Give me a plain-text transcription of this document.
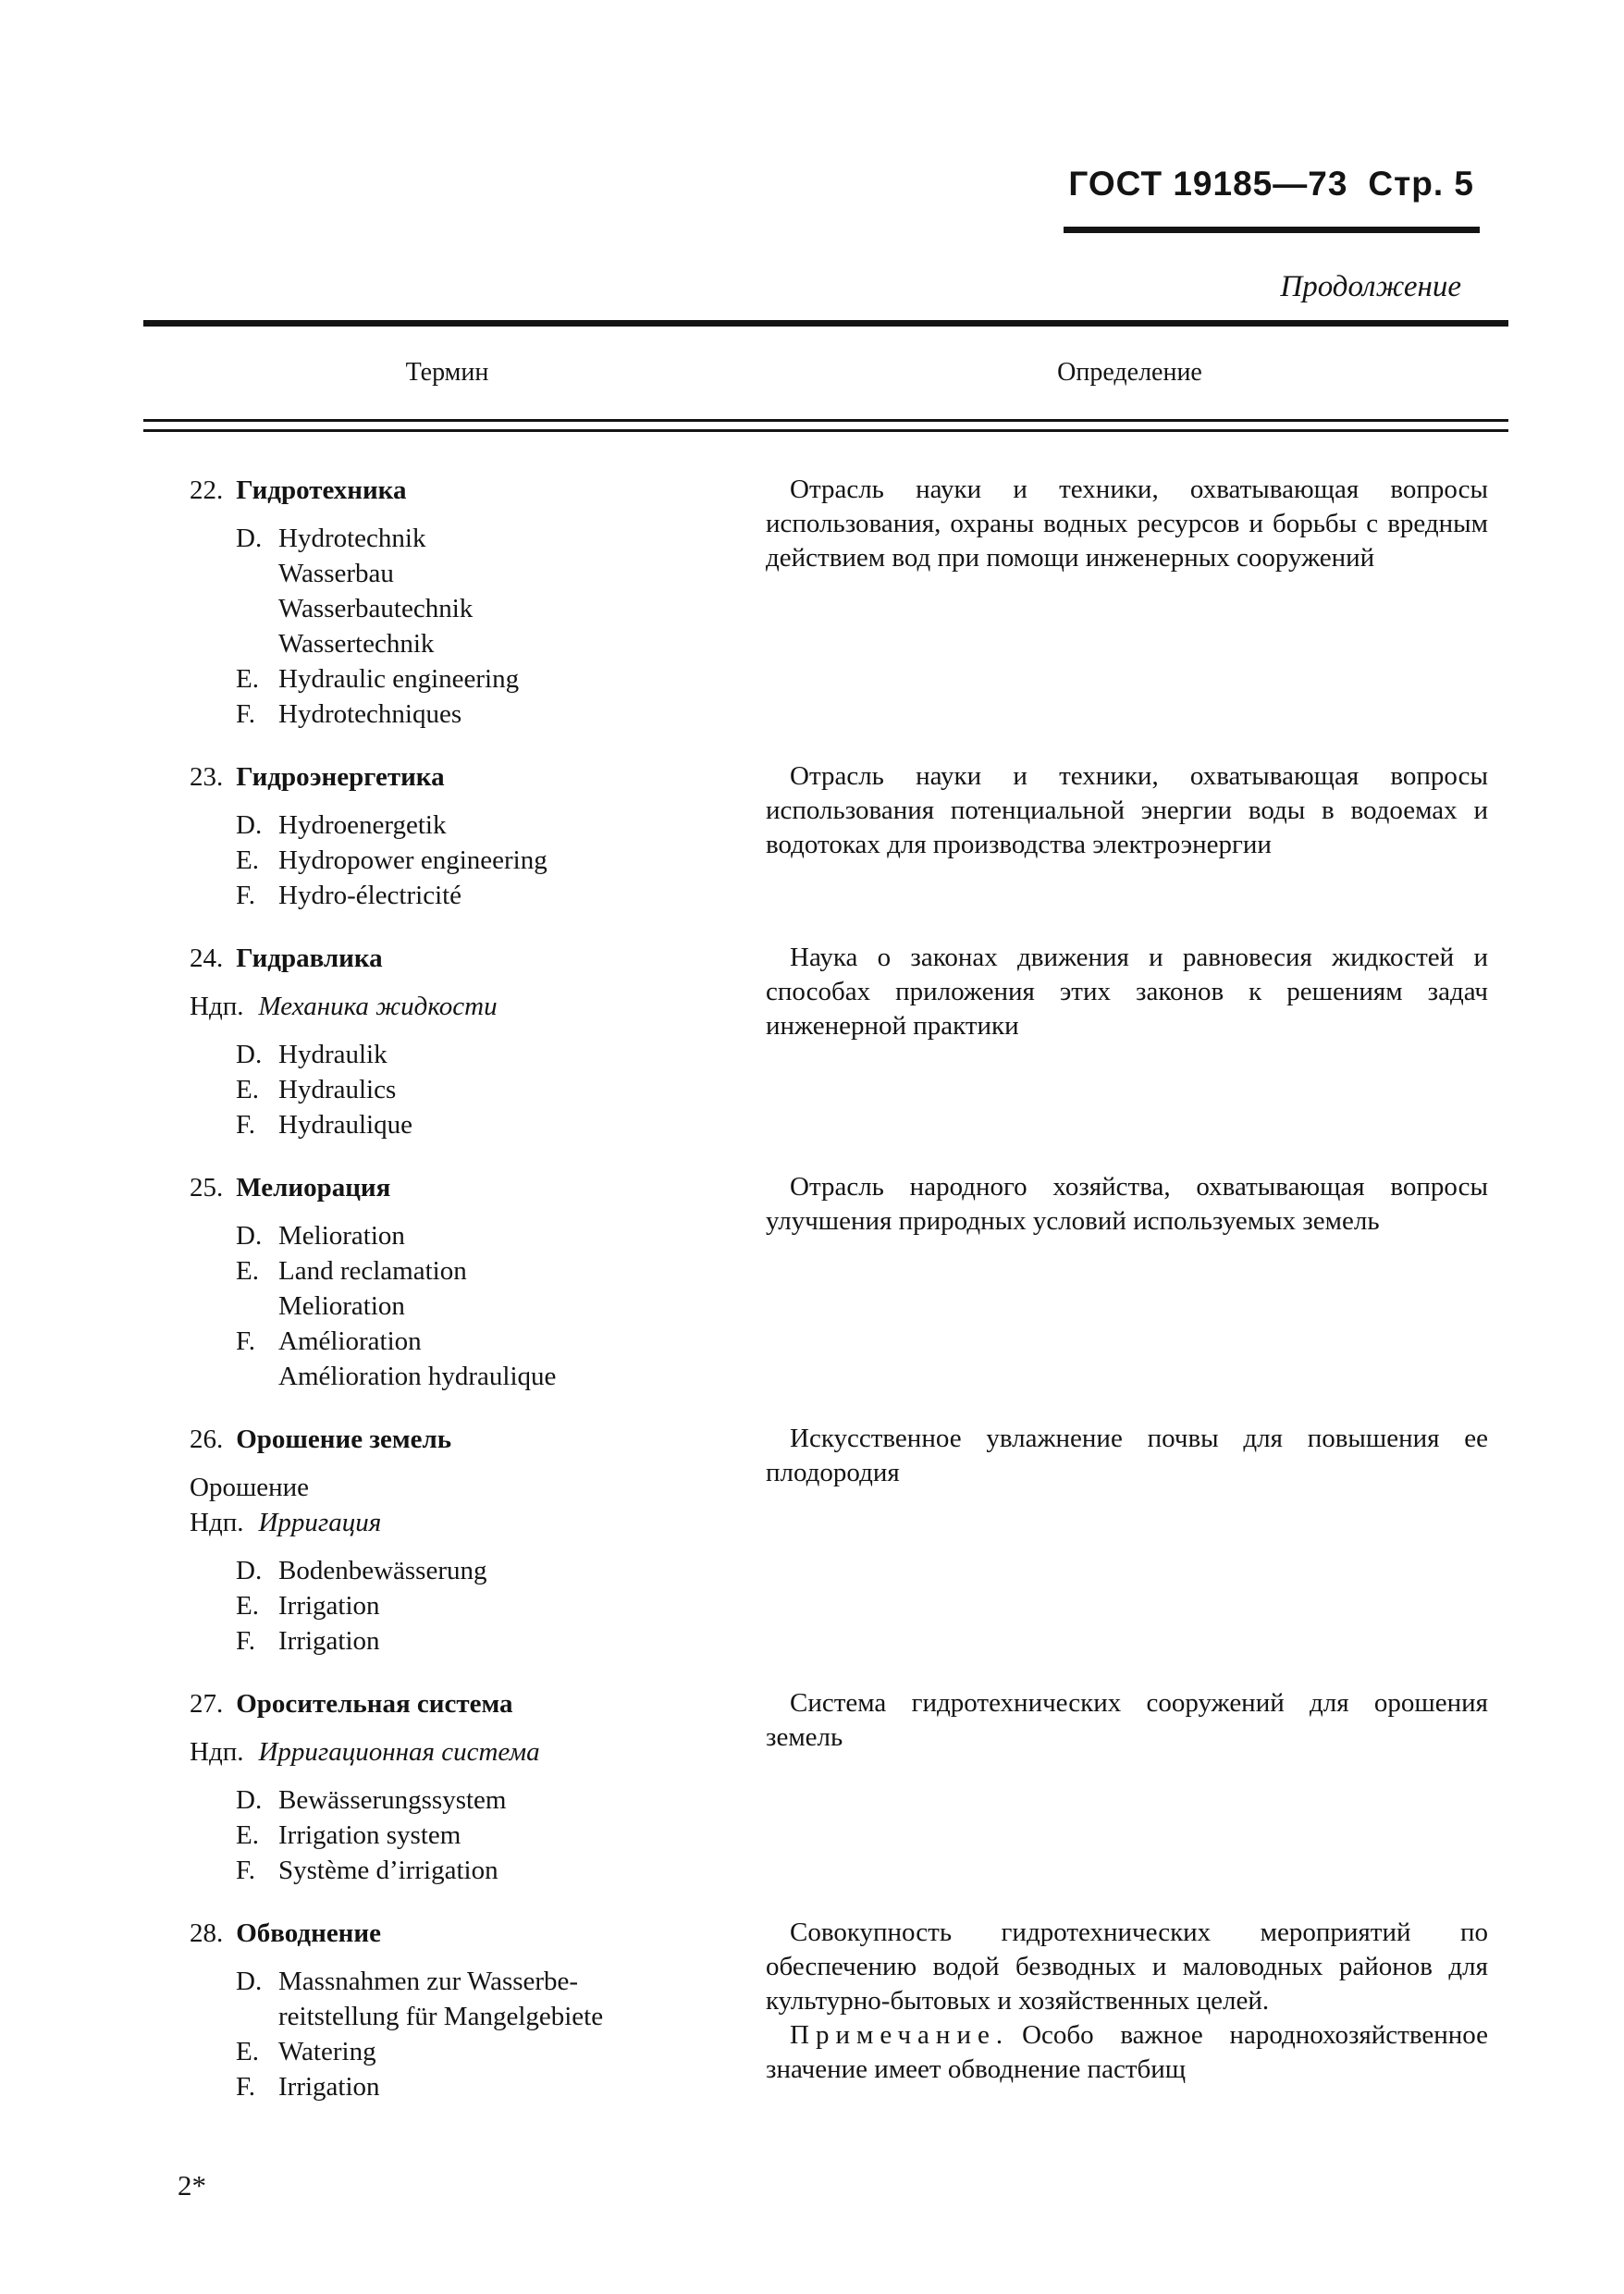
ГОСТ 19185—73 Стр. 5
Продолжение
Термин	Определение
22. Гидротехника
D. Hydrotechnik
Wasserbau
Wasserbautechnik
Wassertechnik
E. Hydraulic engineering
F. Hydrotechniques
Отрасль науки и техники, охватывающая вопросы использования, охраны водных ресурсов и борьбы с вредным действием вод при помощи инженерных сооружений
23. Гидроэнергетика
D. Hydroenergetik
E. Hydropower engineering
F. Hydro-électricité
Отрасль науки и техники, охватывающая вопросы использования потенциальной энергии воды в водоемах и водотоках для производства электроэнергии
24. Гидравлика
Ндп. Механика жидкости
D. Hydraulik
E. Hydraulics
F. Hydraulique
Наука о законах движения и равновесия жидкостей и способах приложения этих законов к решениям задач инженерной практики
25. Мелиорация
D. Melioration
E. Land reclamation
Melioration
F. Amélioration
Amélioration hydraulique
Отрасль народного хозяйства, охватывающая вопросы улучшения природных условий используемых земель
26. Орошение земель
Орошение
Ндп. Ирригация
D. Bodenbewässerung
E. Irrigation
F. Irrigation
Искусственное увлажнение почвы для повышения ее плодородия
27. Оросительная система
Ндп. Ирригационная система
D. Bewässerungssystem
E. Irrigation system
F. Système d’irrigation
Система гидротехнических сооружений для орошения земель
28. Обводнение
D. Massnahmen zur Wasserbe-
reitstellung für Mangelgebiete
E. Watering
F. Irrigation
Совокупность гидротехнических мероприятий по обеспечению водой безводных и маловодных районов для культурно-бытовых и хозяйственных целей.
Примечание. Особо важное народнохозяйственное значение имеет обводнение пастбищ
2*
